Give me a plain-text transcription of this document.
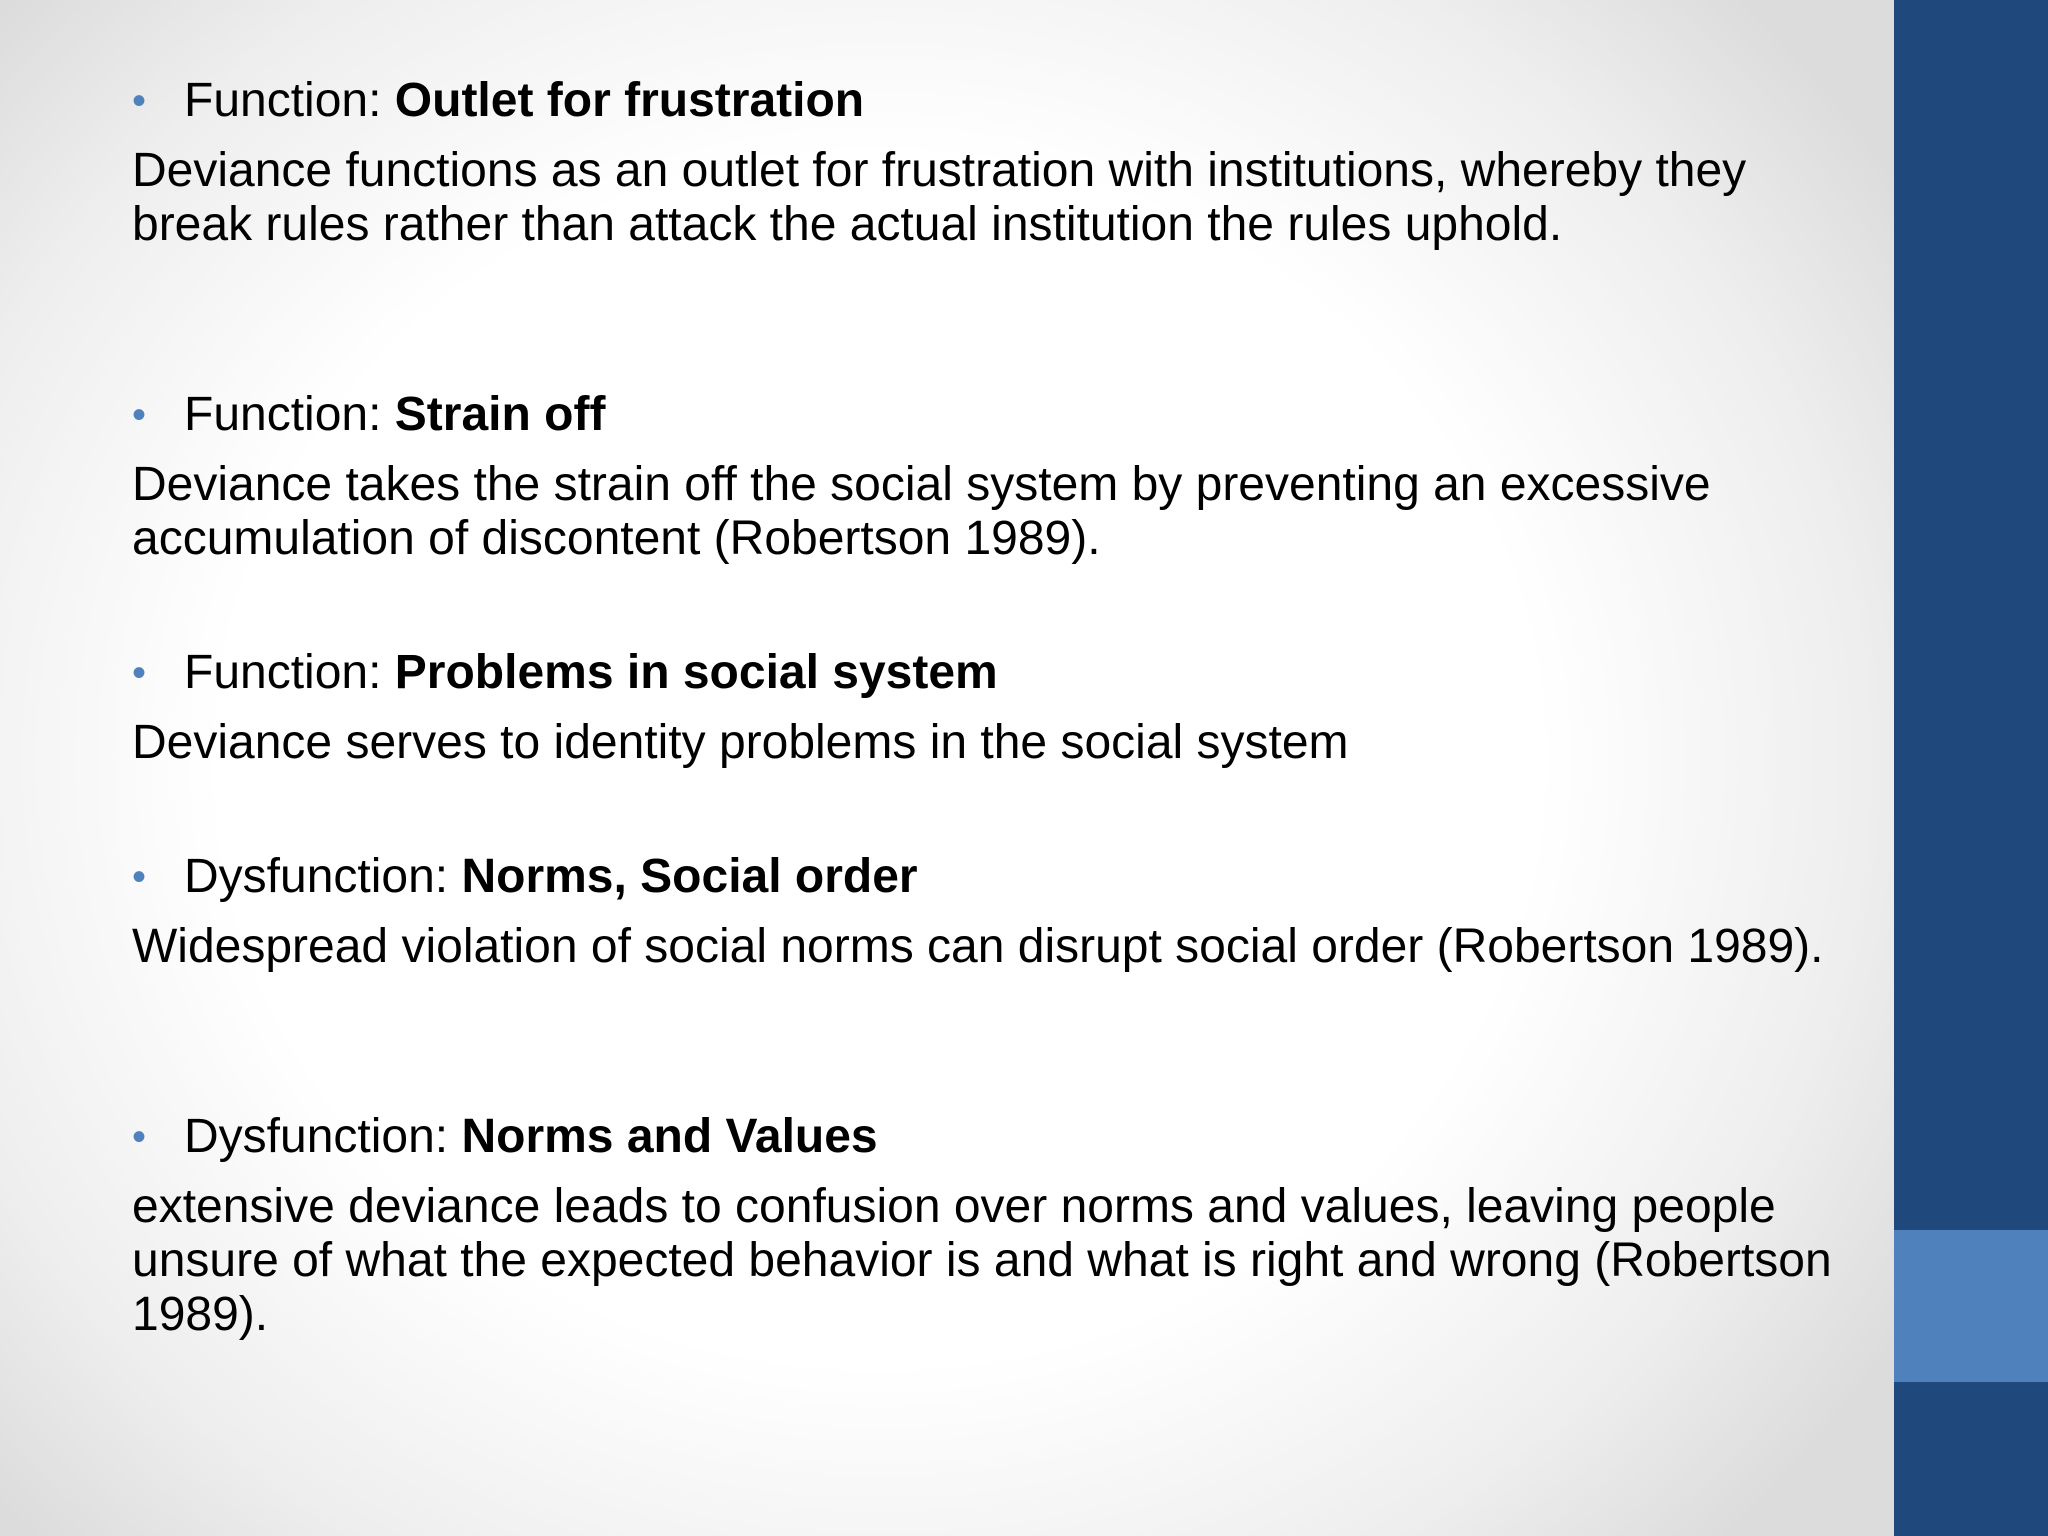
• Function: Outlet for frustration
Deviance functions as an outlet for frustration with institutions, whereby they break rules rather than attack the actual institution the rules uphold.
• Function: Strain off
Deviance takes the strain off the social system by preventing an excessive accumulation of discontent (Robertson 1989).
• Function: Problems in social system
Deviance serves to identity problems in the social system
• Dysfunction: Norms, Social order
Widespread violation of social norms can disrupt social order (Robertson 1989).
• Dysfunction: Norms and Values
extensive deviance leads to confusion over norms and values, leaving people unsure of what the expected behavior is and what is right and wrong (Robertson 1989).
